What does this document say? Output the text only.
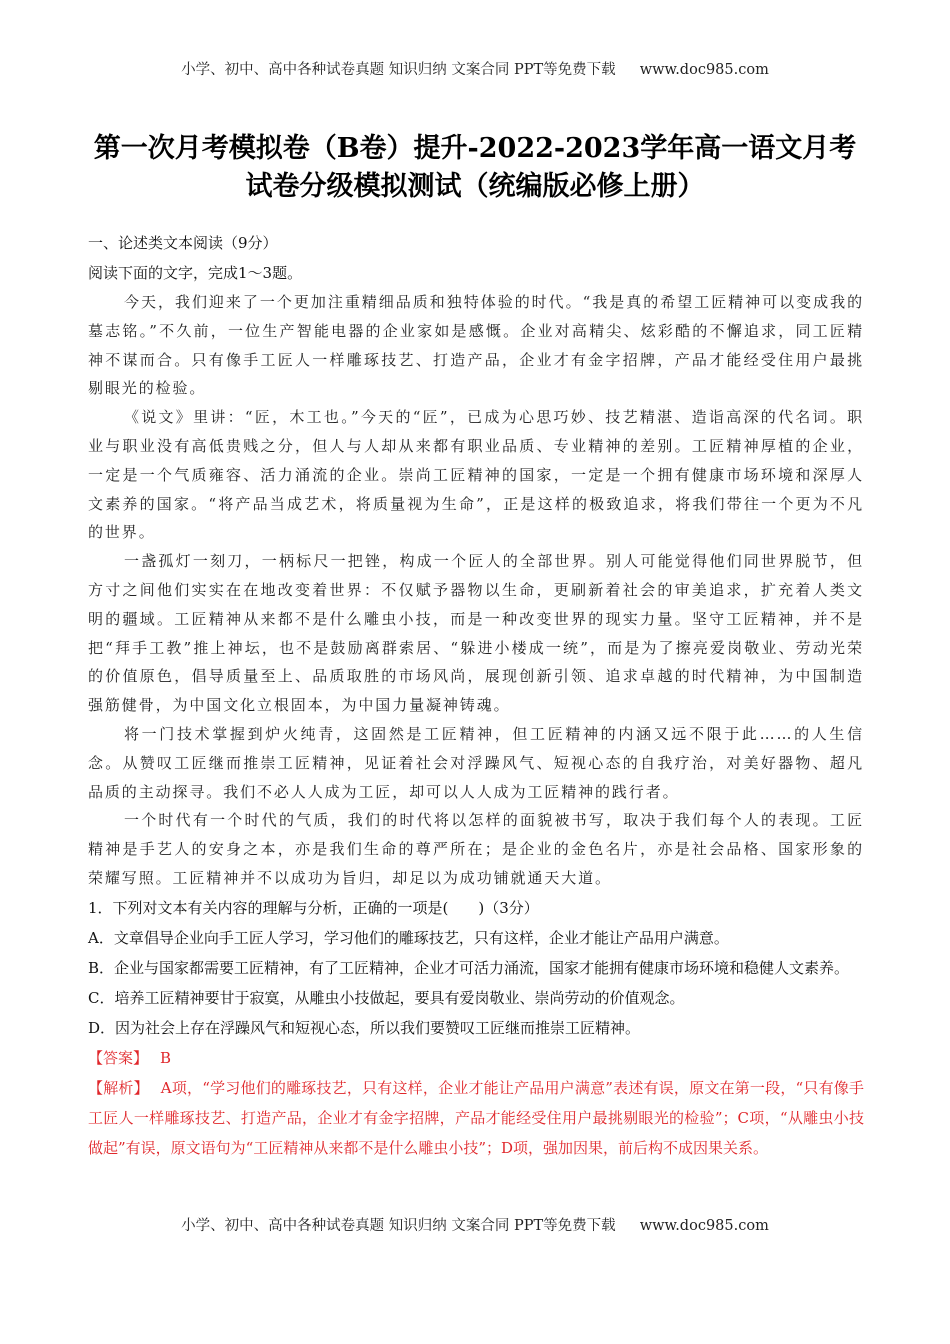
小学、初中、高中各种试卷真题 知识归纳 文案合同 PPT等免费下载 www.doc985.com
第一次月考模拟卷（B卷）提升-2022-2023学年高一语文月考
试卷分级模拟测试（统编版必修上册）
一、论述类文本阅读（9分）
阅读下面的文字，完成1～3题。
今天，我们迎来了一个更加注重精细品质和独特体验的时代。“我是真的希望工匠精神可以变成我的墓志铭。”不久前，一位生产智能电器的企业家如是感慨。企业对高精尖、炫彩酷的不懈追求，同工匠精神不谋而合。只有像手工匠人一样雕琢技艺、打造产品，企业才有金字招牌，产品才能经受住用户最挑剔眼光的检验。
《说文》里讲：“匠，木工也。”今天的“匠”，已成为心思巧妙、技艺精湛、造诣高深的代名词。职业与职业没有高低贵贱之分，但人与人却从来都有职业品质、专业精神的差别。工匠精神厚植的企业，一定是一个气质雍容、活力涌流的企业。崇尚工匠精神的国家，一定是一个拥有健康市场环境和深厚人文素养的国家。“将产品当成艺术，将质量视为生命”，正是这样的极致追求，将我们带往一个更为不凡的世界。
一盏孤灯一刻刀，一柄标尺一把锉，构成一个匠人的全部世界。别人可能觉得他们同世界脱节，但方寸之间他们实实在在地改变着世界：不仅赋予器物以生命，更刷新着社会的审美追求，扩充着人类文明的疆域。工匠精神从来都不是什么雕虫小技，而是一种改变世界的现实力量。坚守工匠精神，并不是把“拜手工教”推上神坛，也不是鼓励离群索居、“躲进小楼成一统”，而是为了擦亮爱岗敬业、劳动光荣的价值原色，倡导质量至上、品质取胜的市场风尚，展现创新引领、追求卓越的时代精神，为中国制造强筋健骨，为中国文化立根固本，为中国力量凝神铸魂。
将一门技术掌握到炉火纯青，这固然是工匠精神，但工匠精神的内涵又远不限于此……的人生信念。从赞叹工匠继而推崇工匠精神，见证着社会对浮躁风气、短视心态的自我疗治，对美好器物、超凡品质的主动探寻。我们不必人人成为工匠，却可以人人成为工匠精神的践行者。
一个时代有一个时代的气质，我们的时代将以怎样的面貌被书写，取决于我们每个人的表现。工匠精神是手艺人的安身之本，亦是我们生命的尊严所在；是企业的金色名片，亦是社会品格、国家形象的荣耀写照。工匠精神并不以成功为旨归，却足以为成功铺就通天大道。
1．下列对文本有关内容的理解与分析，正确的一项是(　　)（3分）
A．文章倡导企业向手工匠人学习，学习他们的雕琢技艺，只有这样，企业才能让产品用户满意。
B．企业与国家都需要工匠精神，有了工匠精神，企业才可活力涌流，国家才能拥有健康市场环境和稳健人文素养。
C．培养工匠精神要甘于寂寞，从雕虫小技做起，要具有爱岗敬业、崇尚劳动的价值观念。
D．因为社会上存在浮躁风气和短视心态，所以我们要赞叹工匠继而推崇工匠精神。
【答案】 B
【解析】 A项，“学习他们的雕琢技艺，只有这样，企业才能让产品用户满意”表述有误，原文在第一段，“只有像手工匠人一样雕琢技艺、打造产品，企业才有金字招牌，产品才能经受住用户最挑剔眼光的检验”；C项，“从雕虫小技做起”有误，原文语句为“工匠精神从来都不是什么雕虫小技”；D项，强加因果，前后构不成因果关系。
小学、初中、高中各种试卷真题 知识归纳 文案合同 PPT等免费下载 www.doc985.com
